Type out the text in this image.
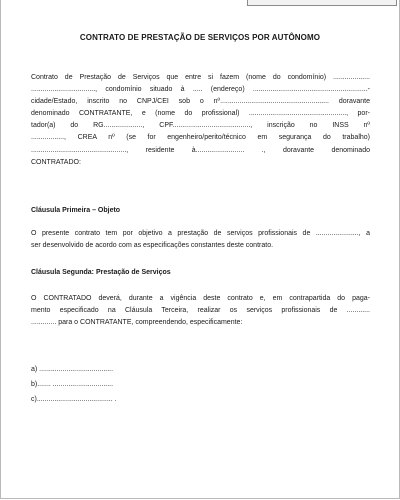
CONTRATO DE PRESTAÇÃO DE SERVIÇOS POR AUTÔNOMO
Contrato de Prestação de Serviços que entre si fazem (nome do condomínio) ...................
................................., condomínio situado à ..... (endereço) ...........................................................-
cidade/Estado, inscrito no CNPJ/CEI sob o nº........................................................ doravante
denominado CONTRATANTE, e (nome do profissional) .................................................., por-
tador(a) do RG...................., CPF........................................, inscrição no INSS nº
................., CREA nº (se for engenheiro/perito/técnico em segurança do trabalho)
................................................., residente à......................... ., doravante denominado
CONTRATADO:
Cláusula Primeira – Objeto
O presente contrato tem por objetivo a prestação de serviços profissionais de ......................, a
ser desenvolvido de acordo com as especificações constantes deste contrato.
Cláusula Segunda: Prestação de Serviços
O CONTRATADO deverá, durante a vigência deste contrato e, em contrapartida do paga-
mento especificado na Cláusula Terceira, realizar os serviços profissionais de ............
............. para o CONTRATANTE, compreendendo, especificamente:
a) ......................................
b)....... ...............................
c)....................................... .
